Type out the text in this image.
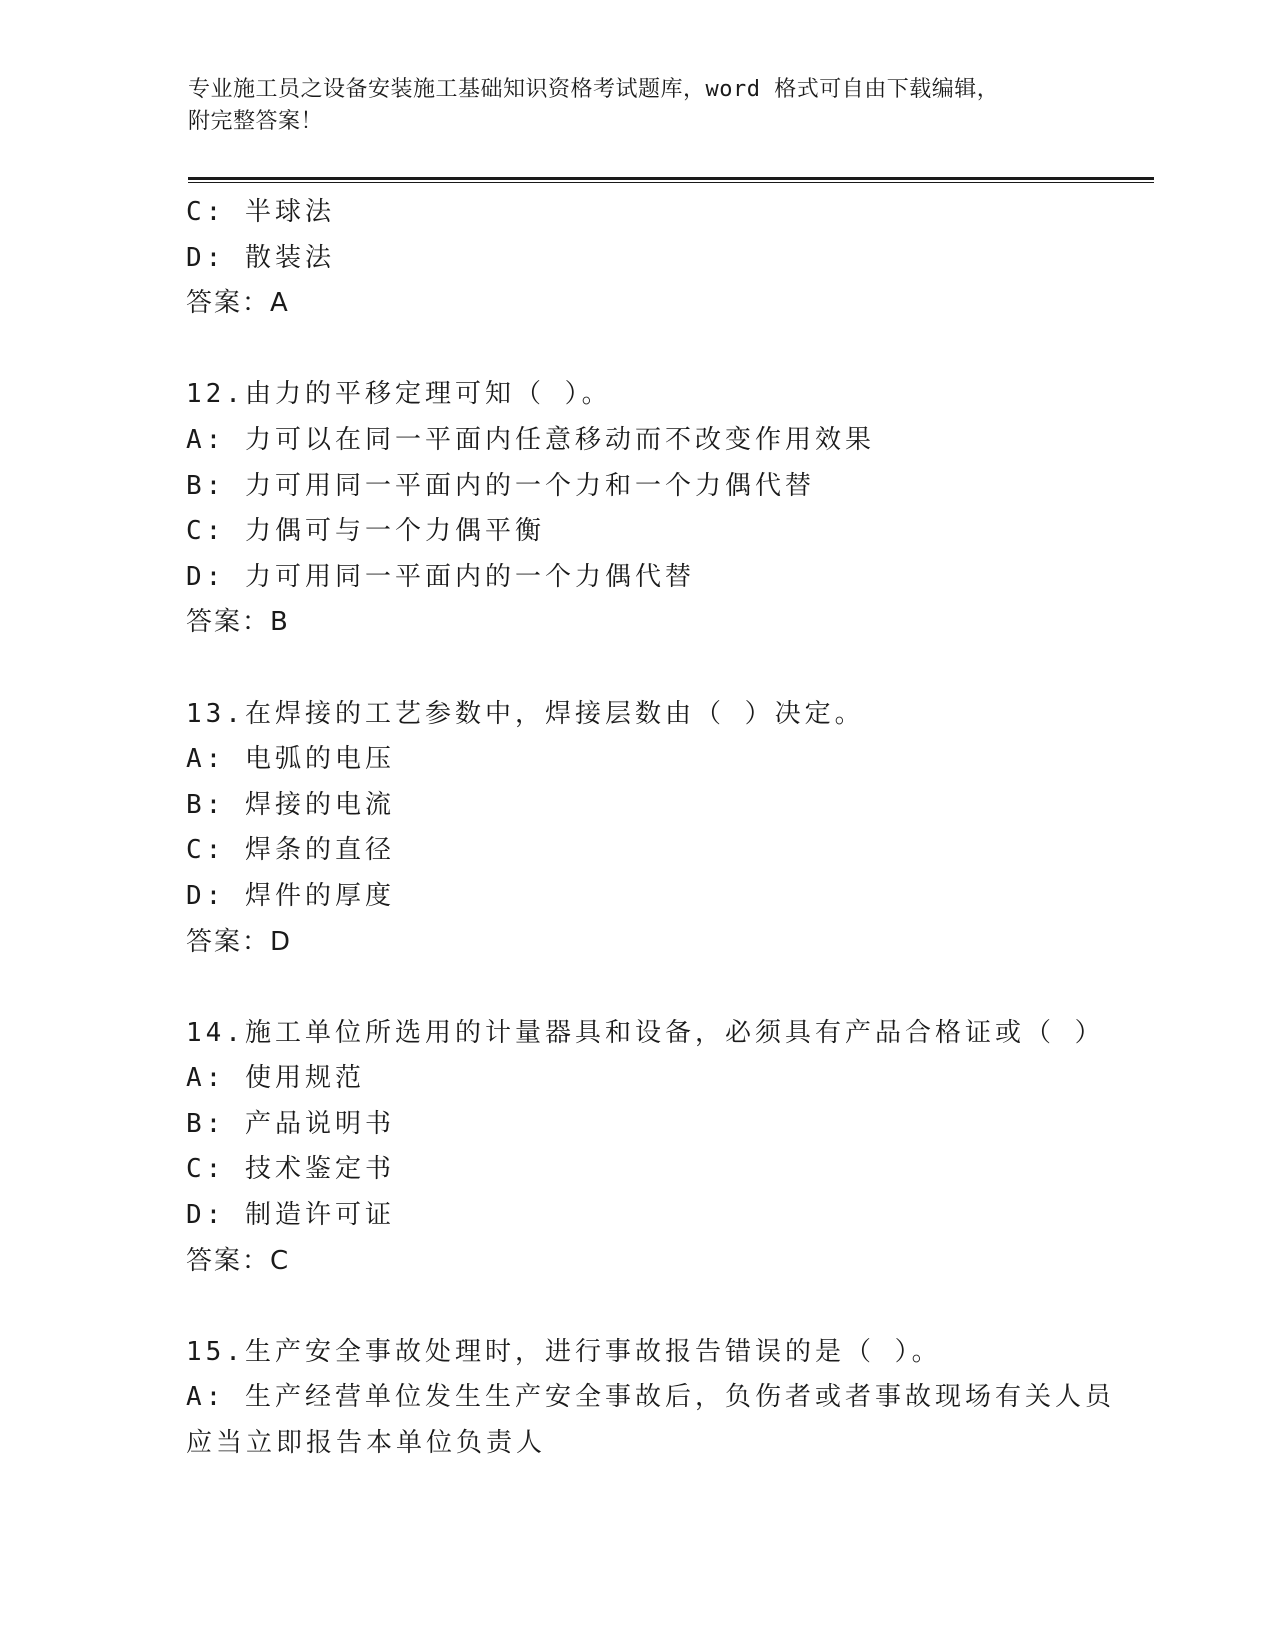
专业施工员之设备安装施工基础知识资格考试题库，word 格式可自由下载编辑，
附完整答案！
C: 半球法
D: 散装法
答案：A
12.由力的平移定理可知（ ）。
A: 力可以在同一平面内任意移动而不改变作用效果
B: 力可用同一平面内的一个力和一个力偶代替
C: 力偶可与一个力偶平衡
D: 力可用同一平面内的一个力偶代替
答案：B
13.在焊接的工艺参数中，焊接层数由（ ）决定。
A: 电弧的电压
B: 焊接的电流
C: 焊条的直径
D: 焊件的厚度
答案：D
14.施工单位所选用的计量器具和设备，必须具有产品合格证或（ ）
A: 使用规范
B: 产品说明书
C: 技术鉴定书
D: 制造许可证
答案：C
15.生产安全事故处理时，进行事故报告错误的是（ ）。
A: 生产经营单位发生生产安全事故后，负伤者或者事故现场有关人员
应当立即报告本单位负责人
